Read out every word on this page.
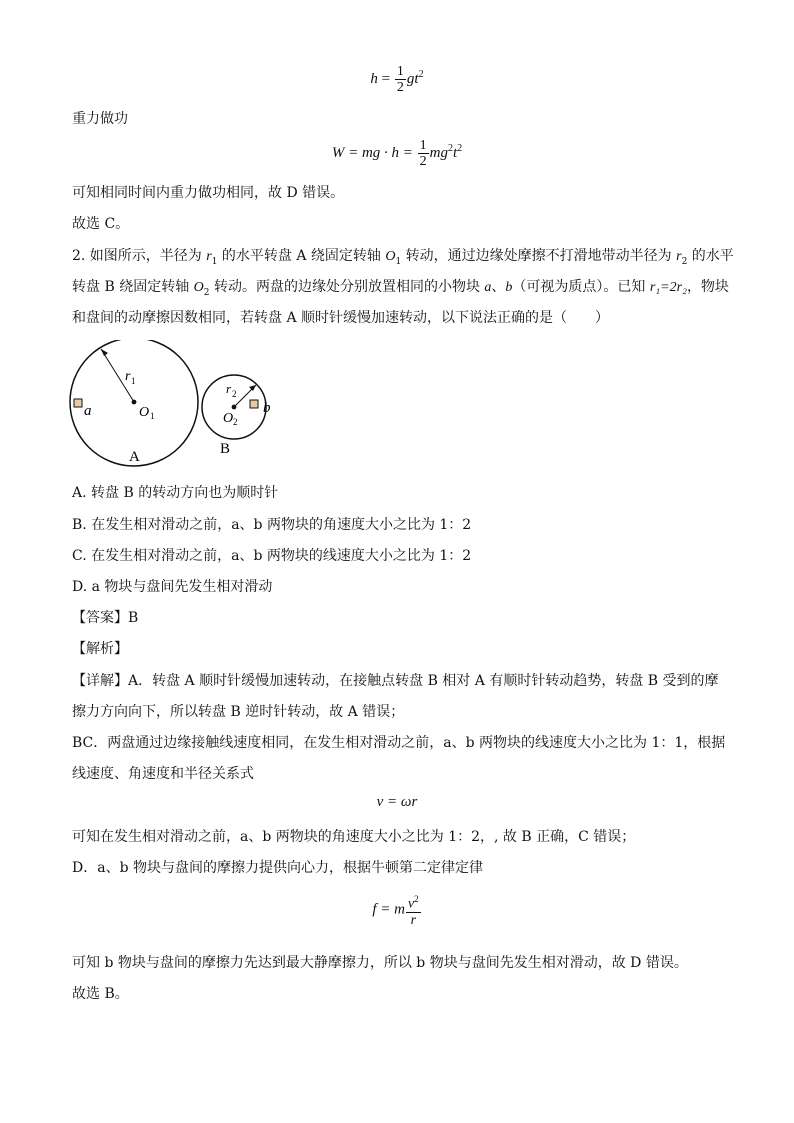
$h = \frac{1}{2} gt^2$
重力做功
W = mg · $h = \frac{1}{2} mg^2t^2$
可知相同时间内重力做功相同，故 D 错误。
故选 C。
2. 如图所示，半径为 $r_1$ 的水平转盘 A 绕固定转轴 $O_1$ 转动，通过边缘处摩擦不打滑地带动半径为 $r_2$ 的水平
转盘 B 绕固定转轴 $O_2$ 转动。两盘的边缘处分别放置相同的小物块 a、b（可视为质点）。已知 r₁=2r₂，物块
和盘间的动摩擦因数相同，若转盘 A 顺时针缓慢加速转动，以下说法正确的是（　　）
r 1	r 2
O 1	O 2
a	b
A	B
A. 转盘 B 的转动方向也为顺时针
B. 在发生相对滑动之前，a、b 两物块的角速度大小之比为 1：2
C. 在发生相对滑动之前，a、b 两物块的线速度大小之比为 1：2
D. a 物块与盘间先发生相对滑动
【答案】B
【解析】
【详解】A．转盘 A 顺时针缓慢加速转动，在接触点转盘 B 相对 A 有顺时针转动趋势，转盘 B 受到的摩
擦力方向向下，所以转盘 B 逆时针转动，故 A 错误；
BC．两盘通过边缘接触线速度相同，在发生相对滑动之前，a、b 两物块的线速度大小之比为 1：1，根据
线速度、角速度和半径关系式
v = ωr
可知在发生相对滑动之前，a、b 两物块的角速度大小之比为 1：2，, 故 B 正确，C 错误；
D．a、b 物块与盘间的摩擦力提供向心力，根据牛顿第二定律定律
f = m $\frac{v^2}{r}$
可知 b 物块与盘间的摩擦力先达到最大静摩擦力，所以 b 物块与盘间先发生相对滑动，故 D 错误。
故选 B。
